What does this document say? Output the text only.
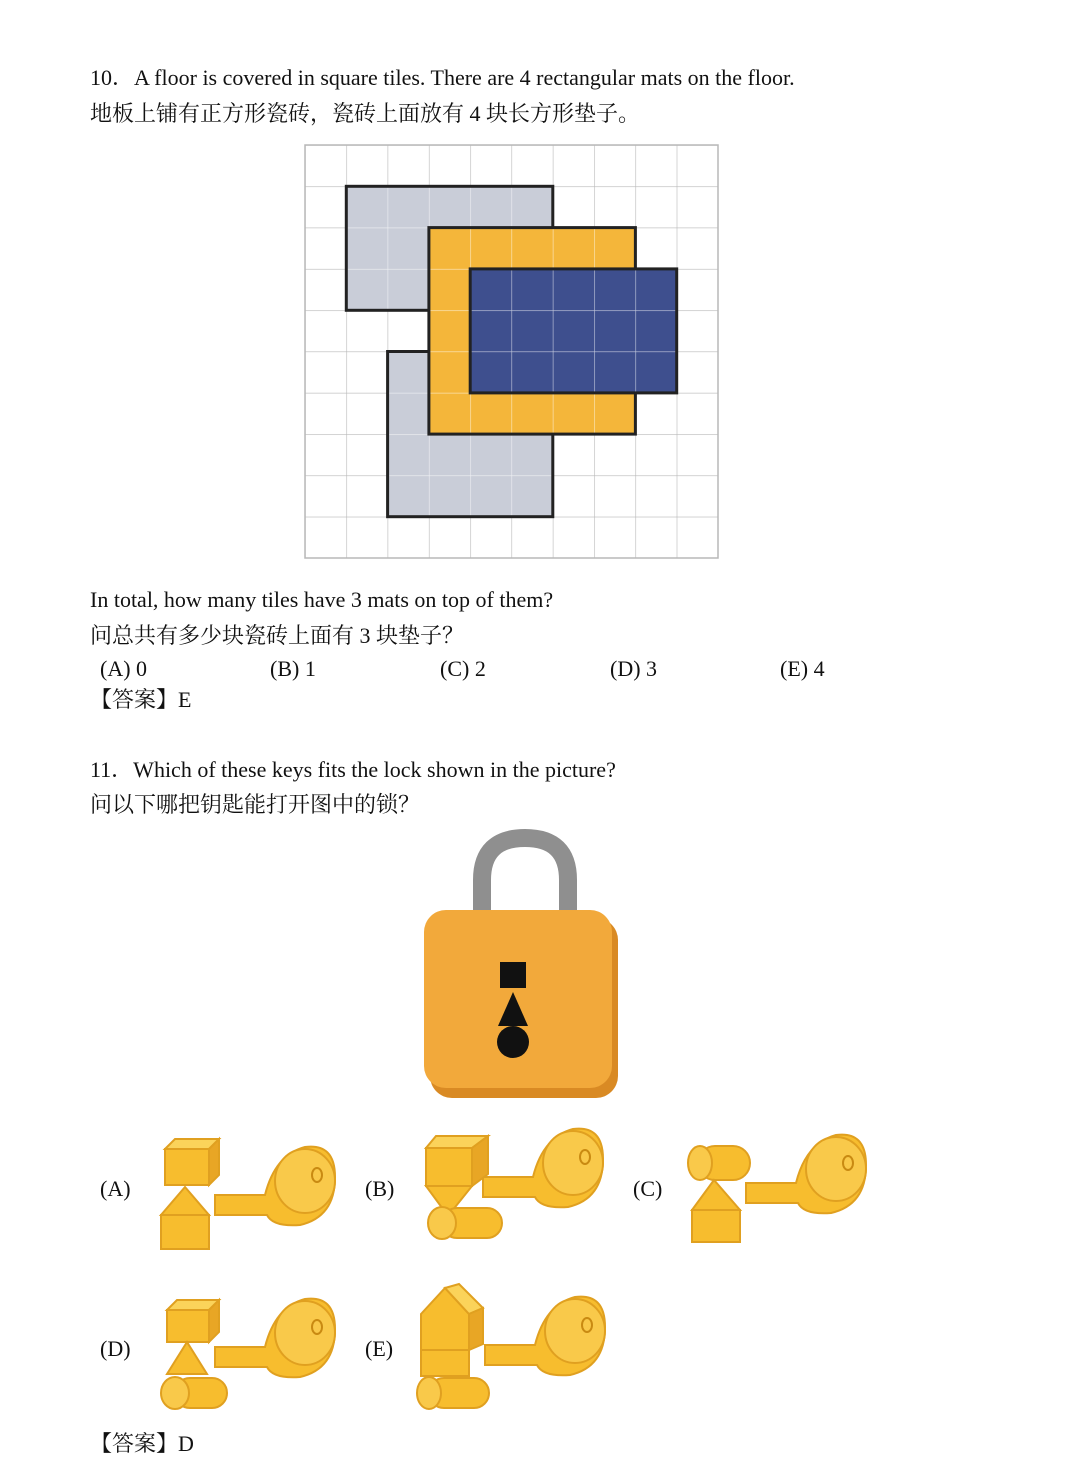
10．A floor is covered in square tiles. There are 4 rectangular mats on the floor.
地板上铺有正方形瓷砖，瓷砖上面放有 4 块长方形垫子。
In total, how many tiles have 3 mats on top of them?
问总共有多少块瓷砖上面有 3 块垫子？
(A) 0	(B) 1	(C) 2	(D) 3	(E) 4
【答案】E
11．Which of these keys fits the lock shown in the picture?
问以下哪把钥匙能打开图中的锁？
(A)	(B)	(C)
(D)	(E)
【答案】D
